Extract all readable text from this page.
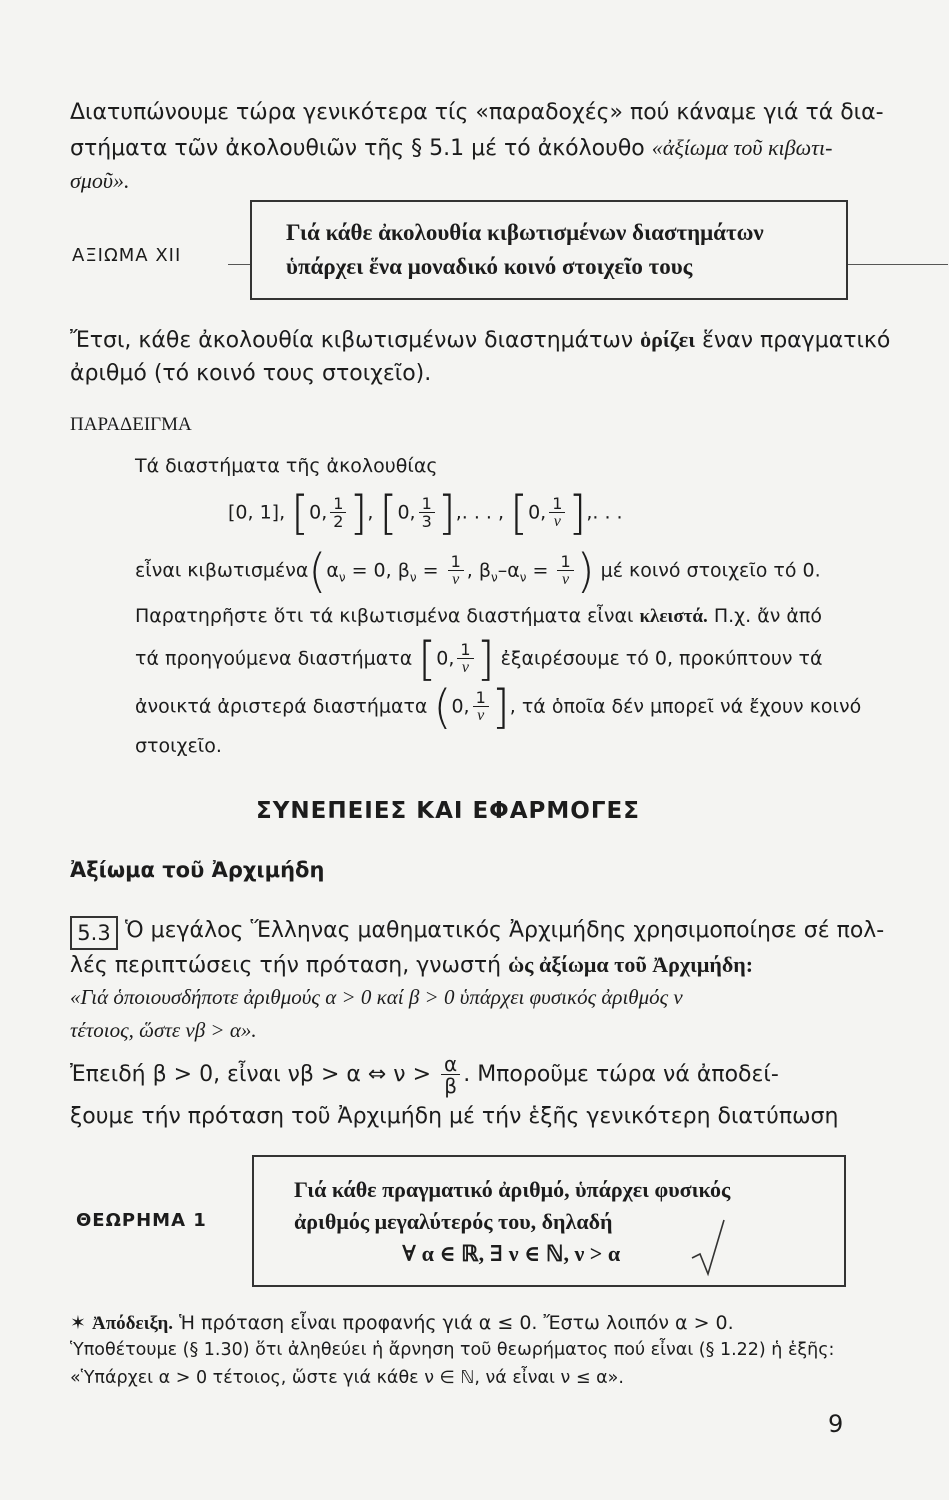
Διατυπώνουμε τώρα γενικότερα τίς «παραδοχές» πού κάναμε γιά τά δια-
στήματα τῶν ἀκολουθιῶν τῆς § 5.1 μέ τό ἀκόλουθο «ἀξίωμα τοῦ κιβωτι-
σμοῦ».
ΑΞΙΩΜΑ XII
Γιά κάθε ἀκολουθία κιβωτισμένων διαστημάτων
ὑπάρχει ἕνα μοναδικό κοινό στοιχεῖο τους
Ἔτσι, κάθε ἀκολουθία κιβωτισμένων διαστημάτων ὁρίζει ἕναν πραγματικό
ἀριθμό (τό κοινό τους στοιχεῖο).
ΠΑΡΑΔΕΙΓΜΑ
Τά διαστήματα τῆς ἀκολουθίας
[0, 1], [0, $\frac{1}{2}$ ], [0, $\frac{1}{3}$ ],. . . , [0, $\frac{1}{\nu}$ ],. . .
εἶναι $\kappa\iota\beta\omega\tau\iota\sigma\mu έ\nu\alpha(\alpha_\nu = 0$, $\beta_\nu = \frac{1}{\nu}$ , $\beta_\nu-\alpha_\nu = \frac{1}{\nu}$ ) μέ κοινό στοιχεῖο τό 0.
Παρατηρῆστε ὅτι τά κιβωτισμένα διαστήματα εἶναι κλειστά. Π.χ. ἄν ἀπό
τά προηγούμενα διαστήματα [0, $\frac{1}{\nu}$ ] ἐξαιρέσουμε τό 0, προκύπτουν τά
ἀνοικτά ἀριστερά διαστήματα (0, $\frac{1}{\nu}$ ], τά ὁποῖα δέν μπορεῖ νά ἔχουν κοινό
στοιχεῖο.
ΣΥΝΕΠΕΙΕΣ ΚΑΙ ΕΦΑΡΜΟΓΕΣ
Ἀξίωμα τοῦ Ἀρχιμήδη
5.3 Ὁ μεγάλος Ἕλληνας μαθηματικός Ἀρχιμήδης χρησιμοποίησε σέ πολ-
λές περιπτώσεις τήν πρόταση, γνωστή ὡς ἀξίωμα τοῦ Ἀρχιμήδη:
«Γιά ὁποιουσδήποτε ἀριθμούς α > 0 καί β > 0 ὑπάρχει φυσικός ἀριθμός ν
τέτοιος, ὥστε νβ > α».
Ἐπειδή β > 0, εἶναι νβ > α ⇔ $\nu > \frac{\alpha}{\beta}$ . Μποροῦμε τώρα νά ἀποδεί-
ξουμε τήν πρόταση τοῦ Ἀρχιμήδη μέ τήν ἑξῆς γενικότερη διατύπωση
ΘΕΩΡΗΜΑ 1
Γιά κάθε πραγματικό ἀριθμό, ὑπάρχει φυσικός
ἀριθμός μεγαλύτερός του, δηλαδή
∀ α ∈ ℝ, ∃ ν ∈ ℕ, ν > α
✶ Ἀπόδειξη. Ἡ πρόταση εἶναι προφανής γιά α ≤ 0. Ἔστω λοιπόν α > 0.
Ὑποθέτουμε (§ 1.30) ὅτι ἀληθεύει ἡ ἄρνηση τοῦ θεωρήματος πού εἶναι (§ 1.22) ἡ ἑξῆς:
«Ὑπάρχει α > 0 τέτοιος, ὥστε γιά κάθε ν ∈ ℕ, νά εἶναι ν ≤ α».
9
